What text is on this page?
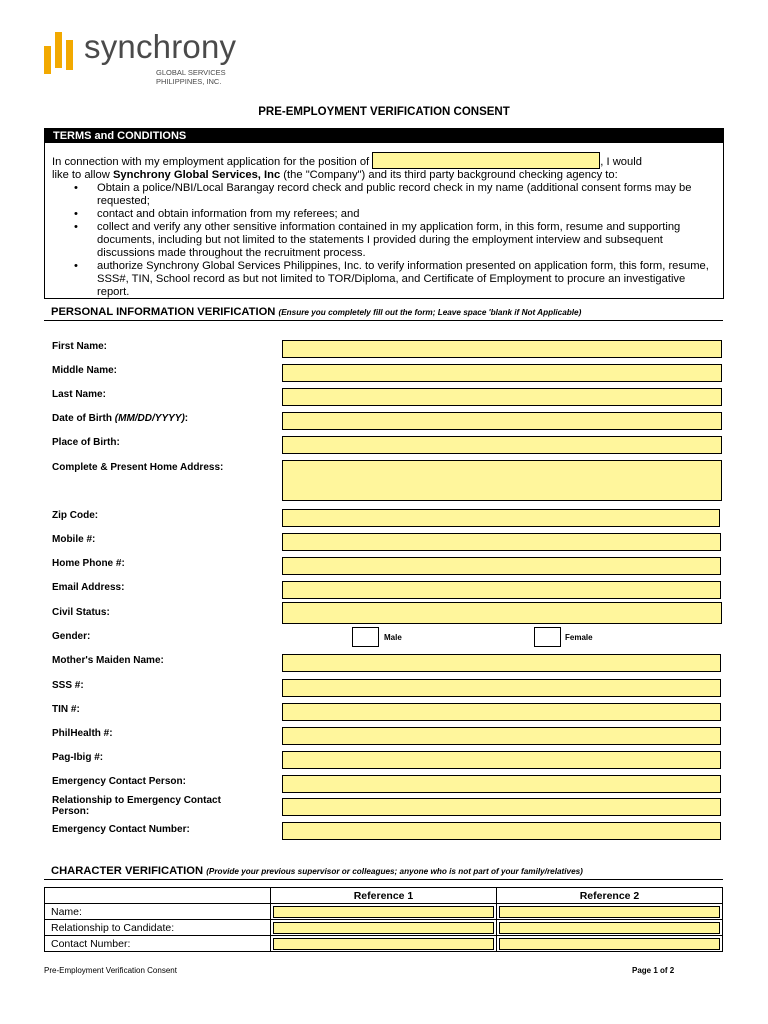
synchrony
GLOBAL SERVICES
PHILIPPINES, INC.
PRE-EMPLOYMENT VERIFICATION CONSENT
TERMS and CONDITIONS
In connection with my employment application for the position of	, I would
like to allow Synchrony Global Services, Inc (the "Company") and its third party background checking agency to:
• Obtain a police/NBI/Local Barangay record check and public record check in my name (additional consent forms may be requested;
• contact and obtain information from my referees; and
• collect and verify any other sensitive information contained in my application form, in this form, resume and supporting documents, including but not limited to the statements I provided during the employment interview and subsequent discussions made throughout the recruitment process.
• authorize Synchrony Global Services Philippines, Inc. to verify information presented on application form, this form, resume, SSS#, TIN, School record as but not limited to TOR/Diploma, and Certificate of Employment to procure an investigative report.
PERSONAL INFORMATION VERIFICATION (Ensure you completely fill out the form; Leave space 'blank if Not Applicable)
First Name:
Middle Name:
Last Name:
Date of Birth (MM/DD/YYYY):
Place of Birth:
Complete & Present Home Address:
Zip Code:
Mobile #:
Home Phone #:
Email Address:
Civil Status:
Gender:	Male	Female
Mother's Maiden Name:
SSS #:
TIN #:
PhilHealth #:
Pag-Ibig #:
Emergency Contact Person:
Relationship to Emergency Contact
Person:
Emergency Contact Number:
CHARACTER VERIFICATION (Provide your previous supervisor or colleagues; anyone who is not part of your family/relatives)
	Reference 1	Reference 2
Name:	

Relationship to Candidate:	

Contact Number:	

Pre-Employment Verification Consent	Page 1 of 2
